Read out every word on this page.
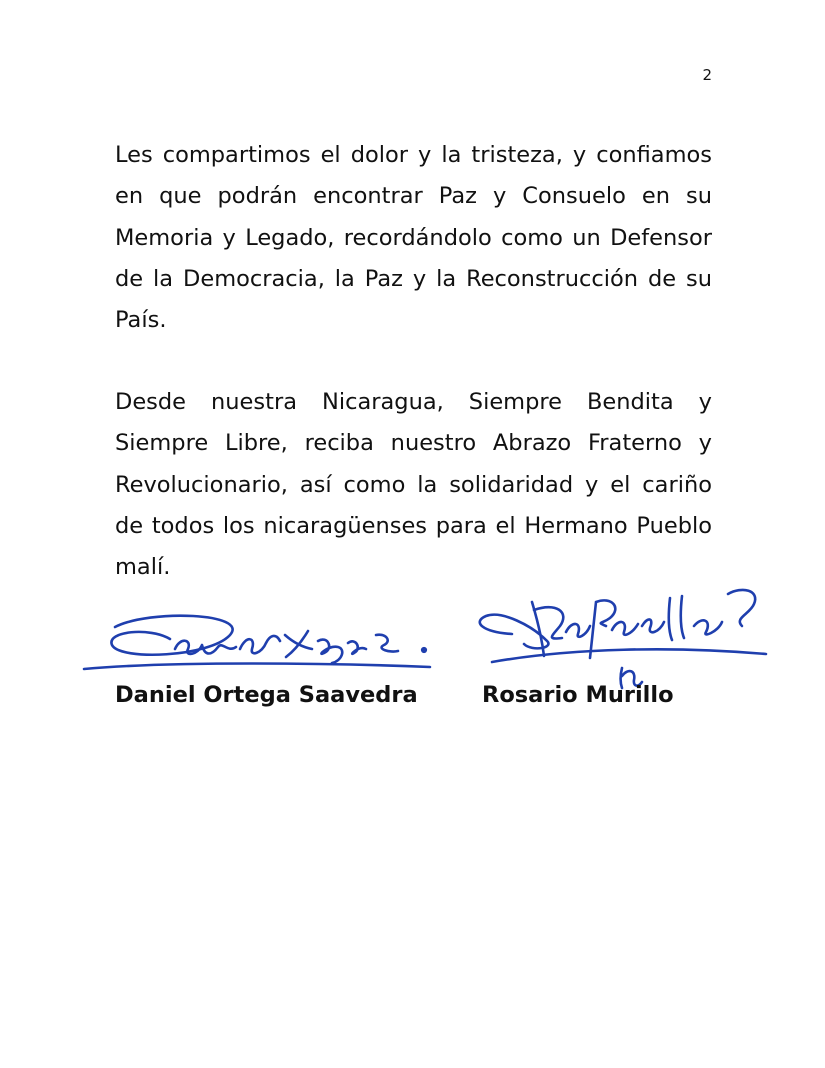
2

Les compartimos el dolor y la tristeza, y confiamos en que podrán encontrar Paz y Consuelo en su Memoria y Legado, recordándolo como un Defensor de la Democracia, la Paz y la Reconstrucción de su País.

Desde nuestra Nicaragua, Siempre Bendita y Siempre Libre, reciba nuestro Abrazo Fraterno y Revolucionario, así como la solidaridad y el cariño de todos los nicaragüenses para el Hermano Pueblo malí.

Daniel Ortega Saavedra	Rosario Murillo
